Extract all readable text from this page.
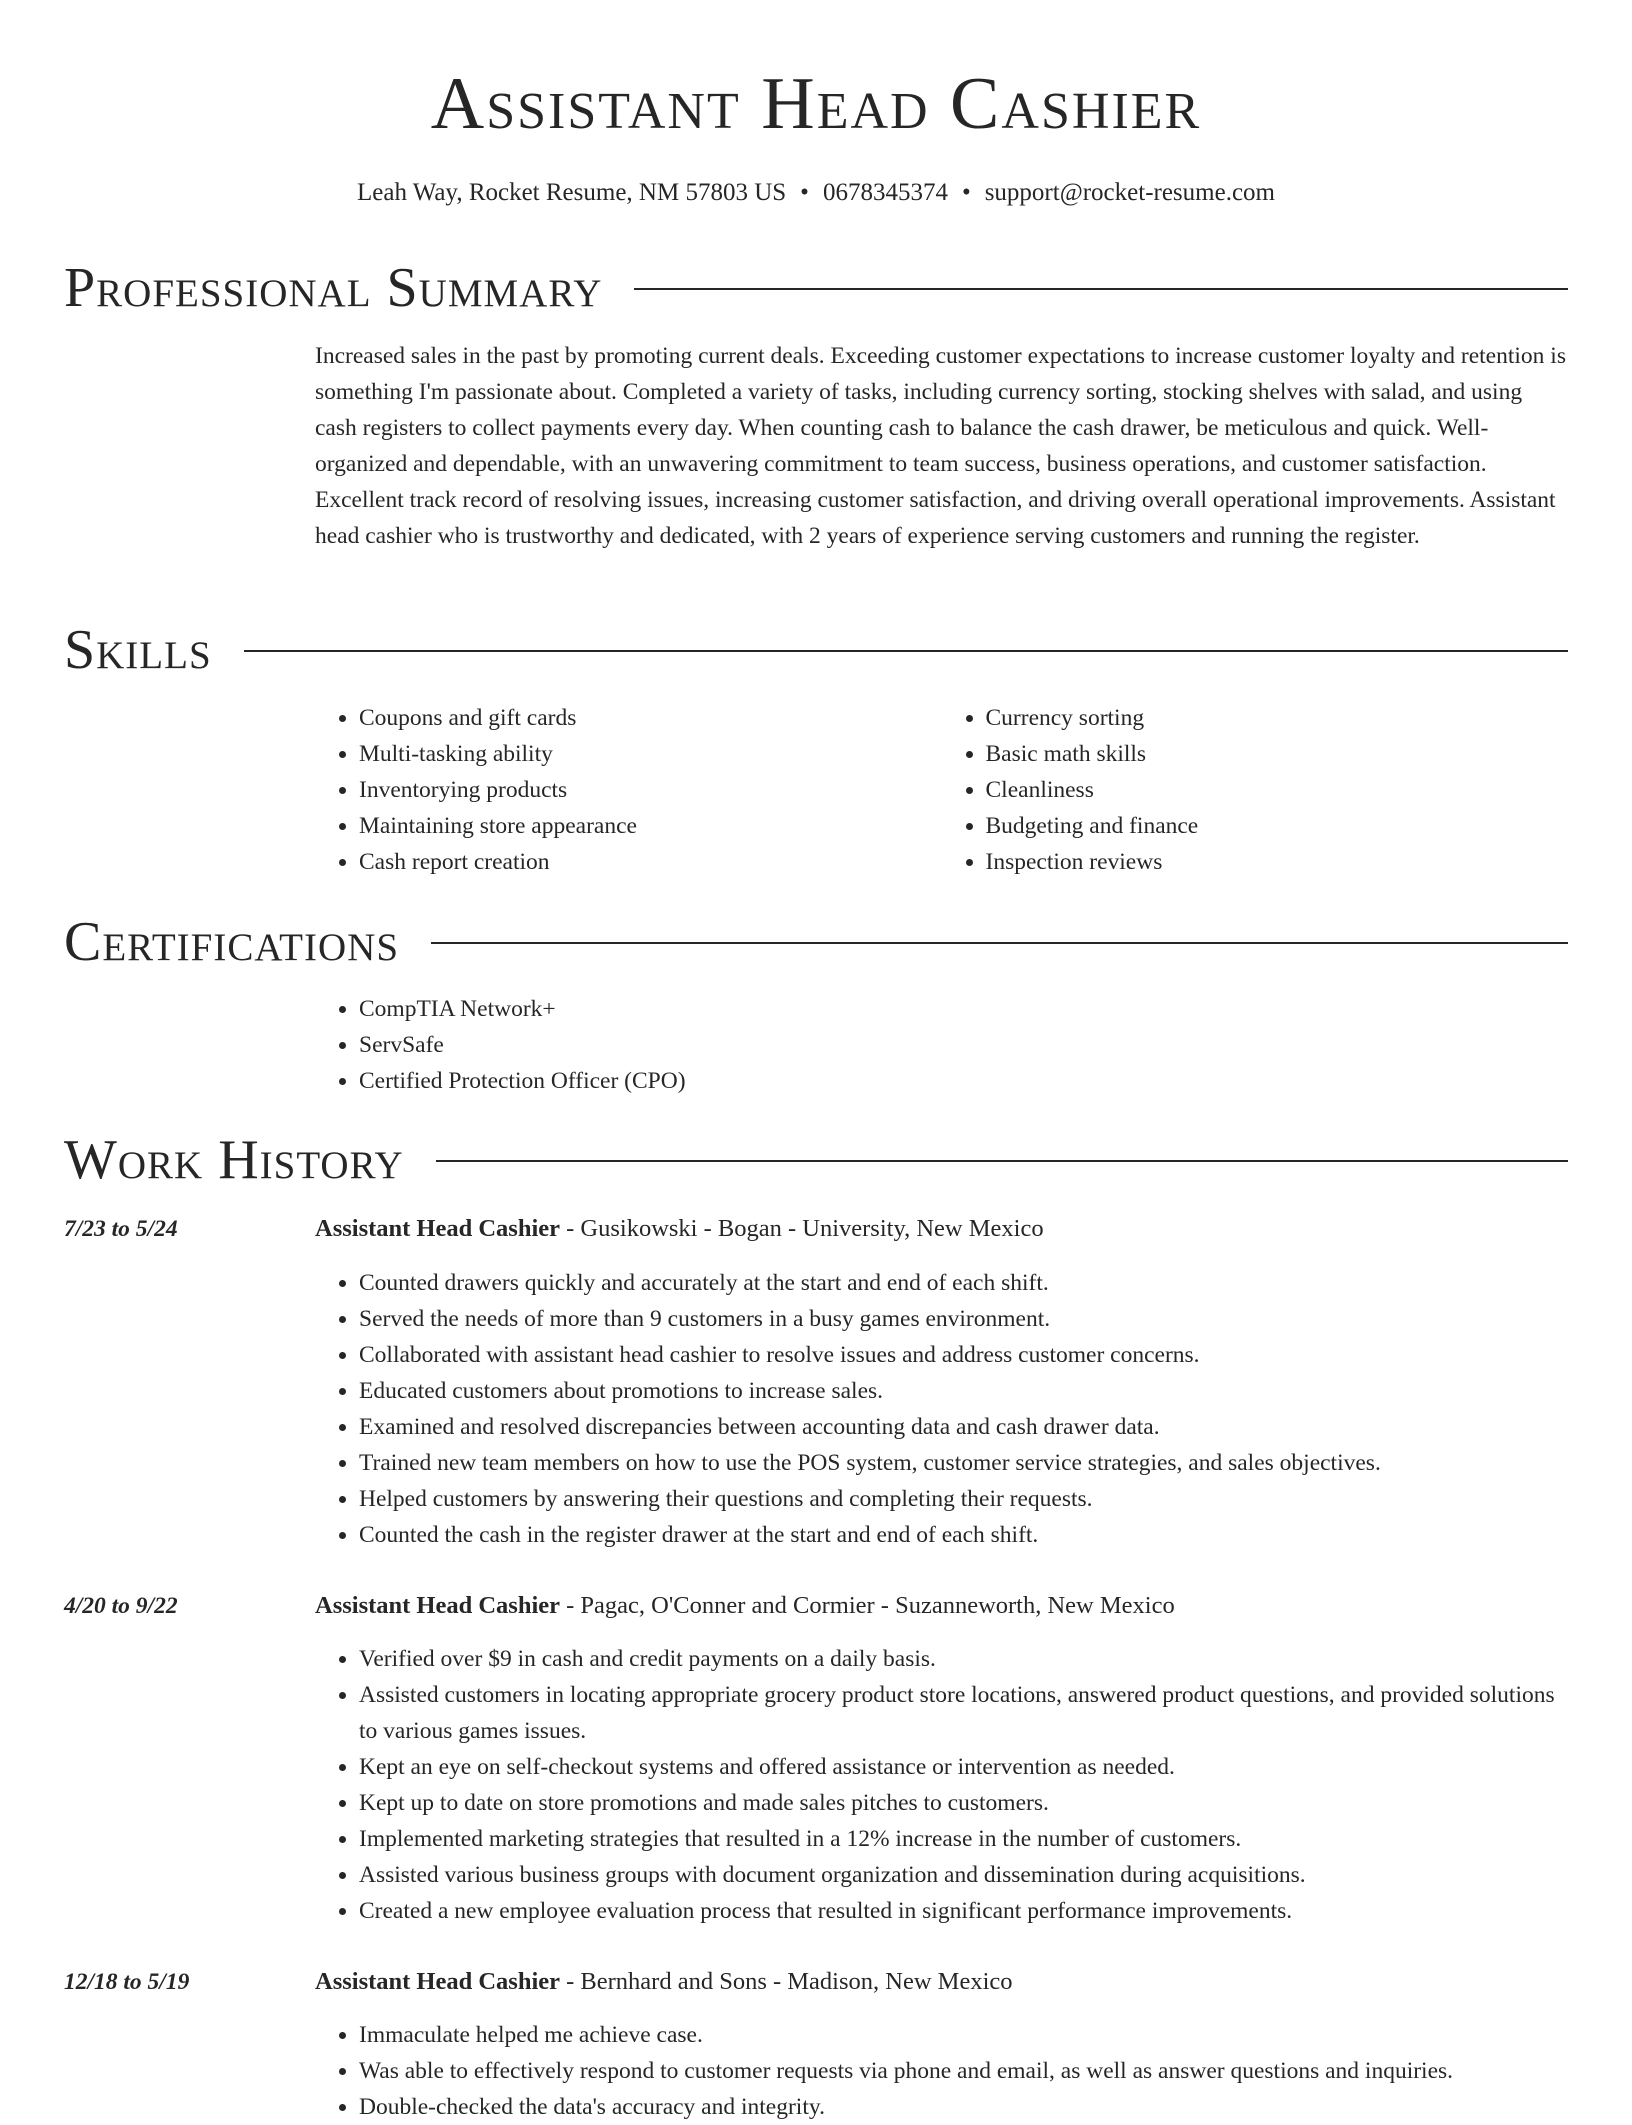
Assistant Head Cashier
Leah Way, Rocket Resume, NM 57803 US • 0678345374 • support@rocket-resume.com
Professional Summary
Increased sales in the past by promoting current deals. Exceeding customer expectations to increase customer loyalty and retention is something I'm passionate about. Completed a variety of tasks, including currency sorting, stocking shelves with salad, and using cash registers to collect payments every day. When counting cash to balance the cash drawer, be meticulous and quick. Well-organized and dependable, with an unwavering commitment to team success, business operations, and customer satisfaction. Excellent track record of resolving issues, increasing customer satisfaction, and driving overall operational improvements. Assistant head cashier who is trustworthy and dedicated, with 2 years of experience serving customers and running the register.
Skills
• Coupons and gift cards
• Multi-tasking ability
• Inventorying products
• Maintaining store appearance
• Cash report creation
• Currency sorting
• Basic math skills
• Cleanliness
• Budgeting and finance
• Inspection reviews
Certifications
• CompTIA Network+
• ServSafe
• Certified Protection Officer (CPO)
Work History
7/23 to 5/24	Assistant Head Cashier - Gusikowski - Bogan - University, New Mexico
• Counted drawers quickly and accurately at the start and end of each shift.
• Served the needs of more than 9 customers in a busy games environment.
• Collaborated with assistant head cashier to resolve issues and address customer concerns.
• Educated customers about promotions to increase sales.
• Examined and resolved discrepancies between accounting data and cash drawer data.
• Trained new team members on how to use the POS system, customer service strategies, and sales objectives.
• Helped customers by answering their questions and completing their requests.
• Counted the cash in the register drawer at the start and end of each shift.
4/20 to 9/22	Assistant Head Cashier - Pagac, O'Conner and Cormier - Suzanneworth, New Mexico
• Verified over $9 in cash and credit payments on a daily basis.
• Assisted customers in locating appropriate grocery product store locations, answered product questions, and provided solutions to various games issues.
• Kept an eye on self-checkout systems and offered assistance or intervention as needed.
• Kept up to date on store promotions and made sales pitches to customers.
• Implemented marketing strategies that resulted in a 12% increase in the number of customers.
• Assisted various business groups with document organization and dissemination during acquisitions.
• Created a new employee evaluation process that resulted in significant performance improvements.
12/18 to 5/19	Assistant Head Cashier - Bernhard and Sons - Madison, New Mexico
• Immaculate helped me achieve case.
• Was able to effectively respond to customer requests via phone and email, as well as answer questions and inquiries.
• Double-checked the data's accuracy and integrity.
